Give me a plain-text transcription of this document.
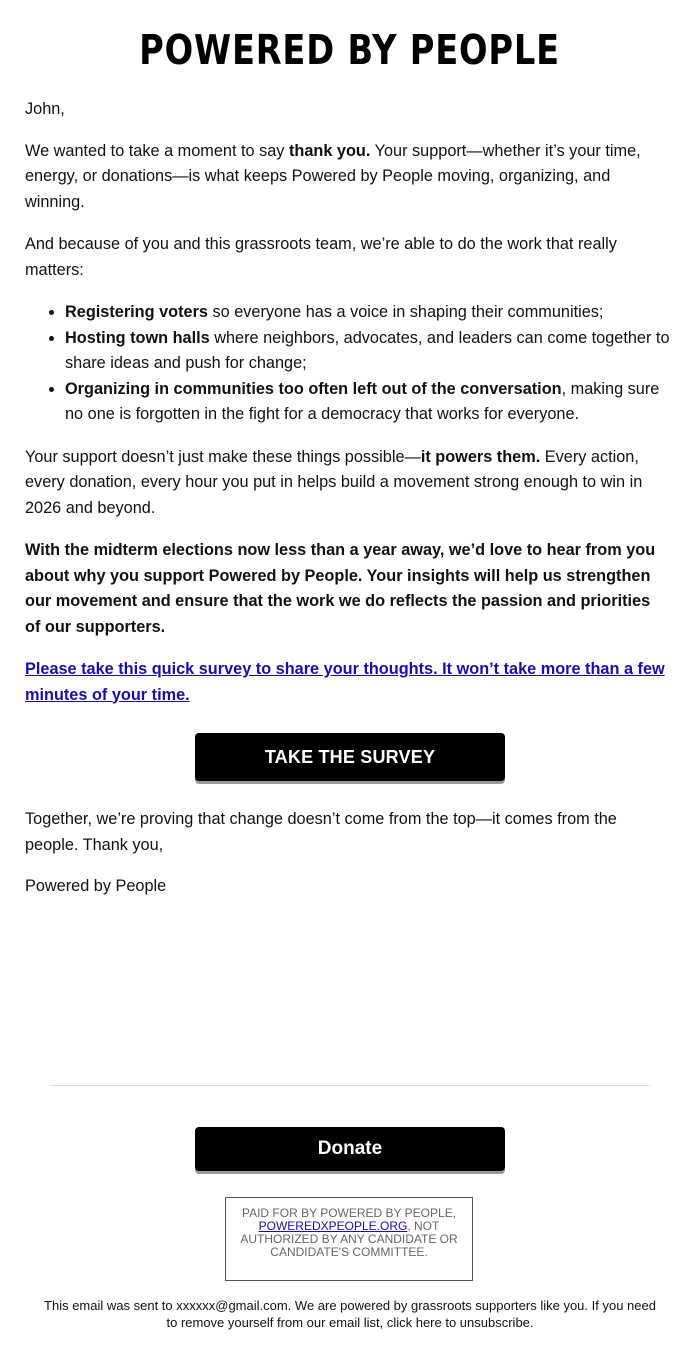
POWERED BY PEOPLE

John,

We wanted to take a moment to say thank you. Your support—whether it’s your time, energy, or donations—is what keeps Powered by People moving, organizing, and winning.

And because of you and this grassroots team, we’re able to do the work that really matters:

• Registering voters so everyone has a voice in shaping their communities;
• Hosting town halls where neighbors, advocates, and leaders can come together to share ideas and push for change;
• Organizing in communities too often left out of the conversation, making sure no one is forgotten in the fight for a democracy that works for everyone.

Your support doesn’t just make these things possible—it powers them. Every action, every donation, every hour you put in helps build a movement strong enough to win in 2026 and beyond.

With the midterm elections now less than a year away, we’d love to hear from you about why you support Powered by People. Your insights will help us strengthen our movement and ensure that the work we do reflects the passion and priorities of our supporters.

Please take this quick survey to share your thoughts. It won’t take more than a few minutes of your time.

TAKE THE SURVEY

Together, we’re proving that change doesn’t come from the top—it comes from the people. Thank you,

Powered by People

Donate
PAID FOR BY POWERED BY PEOPLE, POWEREDXPEOPLE.ORG, NOT AUTHORIZED BY ANY CANDIDATE OR CANDIDATE'S COMMITTEE.
This email was sent to xxxxxx@gmail.com. We are powered by grassroots supporters like you. If you need to remove yourself from our email list, click here to unsubscribe.
